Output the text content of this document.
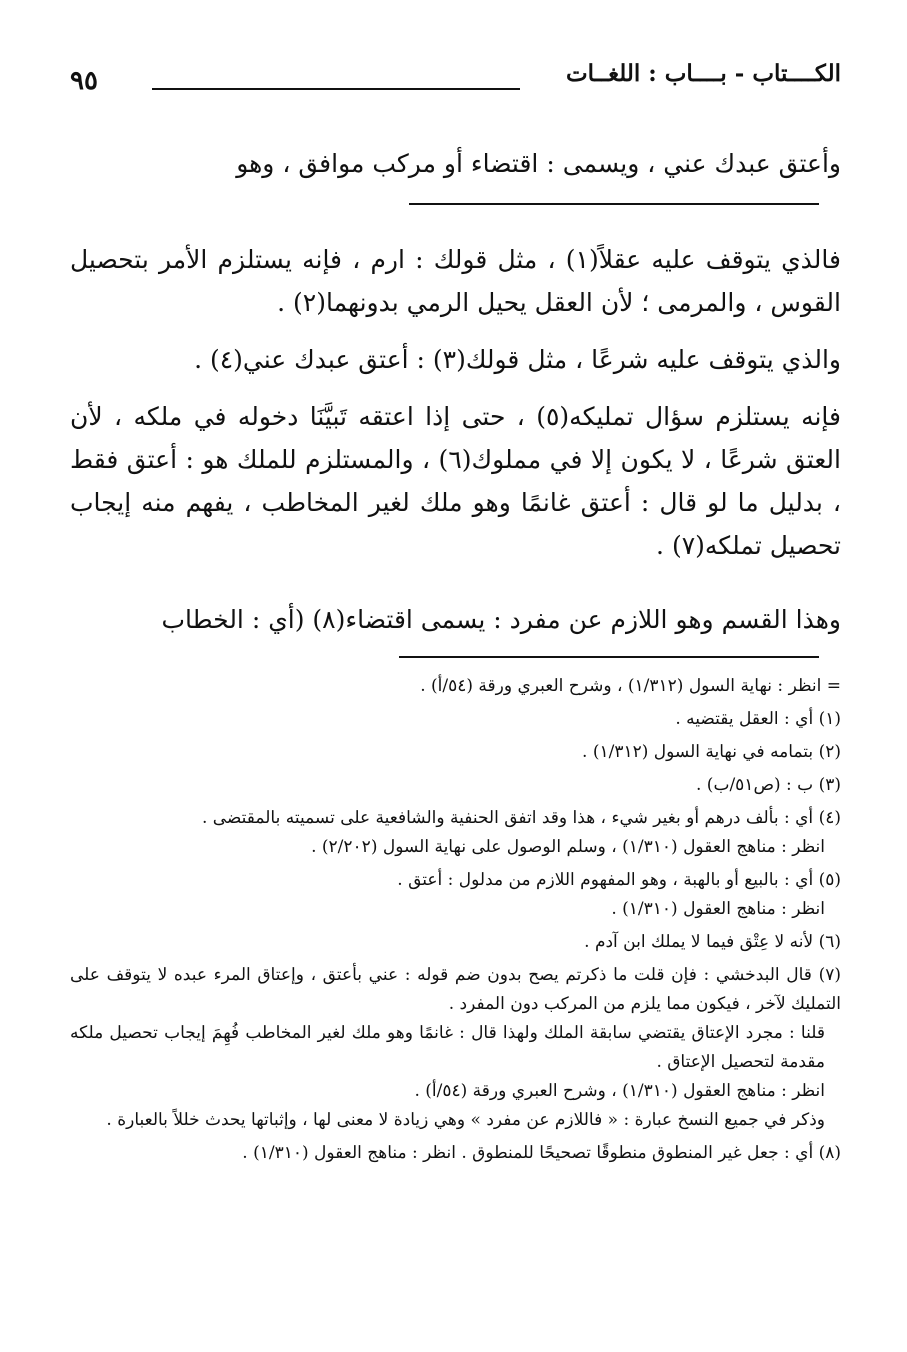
الكــــتاب - بــــاب : اللغــات
٩٥

وأعتق عبدك عني ، ويسمى : اقتضاء أو مركب موافق ، وهو

فالذي يتوقف عليه عقلاً(١) ، مثل قولك : ارم ، فإنه يستلزم الأمر بتحصيل القوس ، والمرمى ؛ لأن العقل يحيل الرمي بدونهما(٢) .

والذي يتوقف عليه شرعًا ، مثل قولك(٣) : أعتق عبدك عني(٤) .

فإنه يستلزم سؤال تمليكه(٥) ، حتى إذا اعتقه تَبيَّنَا دخوله في ملكه ، لأن العتق شرعًا ، لا يكون إلا في مملوك(٦) ، والمستلزم للملك هو : أعتق فقط ، بدليل ما لو قال : أعتق غانمًا وهو ملك لغير المخاطب ، يفهم منه إيجاب تحصيل تملكه(٧) .

وهذا القسم وهو اللازم عن مفرد : يسمى اقتضاء(٨) (أي : الخطاب

= انظر : نهاية السول (١/٣١٢) ، وشرح العبري ورقة (٥٤/أ) .
(١) أي : العقل يقتضيه .
(٢) بتمامه في نهاية السول (١/٣١٢) .
(٣) ب : (ص٥١/ب) .
(٤) أي : بألف درهم أو بغير شيء ، هذا وقد اتفق الحنفية والشافعية على تسميته بالمقتضى .
انظر : مناهج العقول (١/٣١٠) ، وسلم الوصول على نهاية السول (٢/٢٠٢) .
(٥) أي : بالبيع أو بالهبة ، وهو المفهوم اللازم من مدلول : أعتق .
انظر : مناهج العقول (١/٣١٠) .
(٦) لأنه لا عِتْق فيما لا يملك ابن آدم .
(٧) قال البدخشي : فإن قلت ما ذكرتم يصح بدون ضم قوله : عني بأعتق ، وإعتاق المرء عبده لا يتوقف على التمليك لآخر ، فيكون مما يلزم من المركب دون المفرد .
قلنا : مجرد الإعتاق يقتضي سابقة الملك ولهذا قال : غانمًا وهو ملك لغير المخاطب فُهِمَ إيجاب تحصيل ملكه مقدمة لتحصيل الإعتاق .
انظر : مناهج العقول (١/٣١٠) ، وشرح العبري ورقة (٥٤/أ) .
وذكر في جميع النسخ عبارة : « فاللازم عن مفرد » وهي زيادة لا معنى لها ، وإثباتها يحدث خللاً بالعبارة .
(٨) أي : جعل غير المنطوق منطوقًا تصحيحًا للمنطوق . انظر : مناهج العقول (١/٣١٠) .
